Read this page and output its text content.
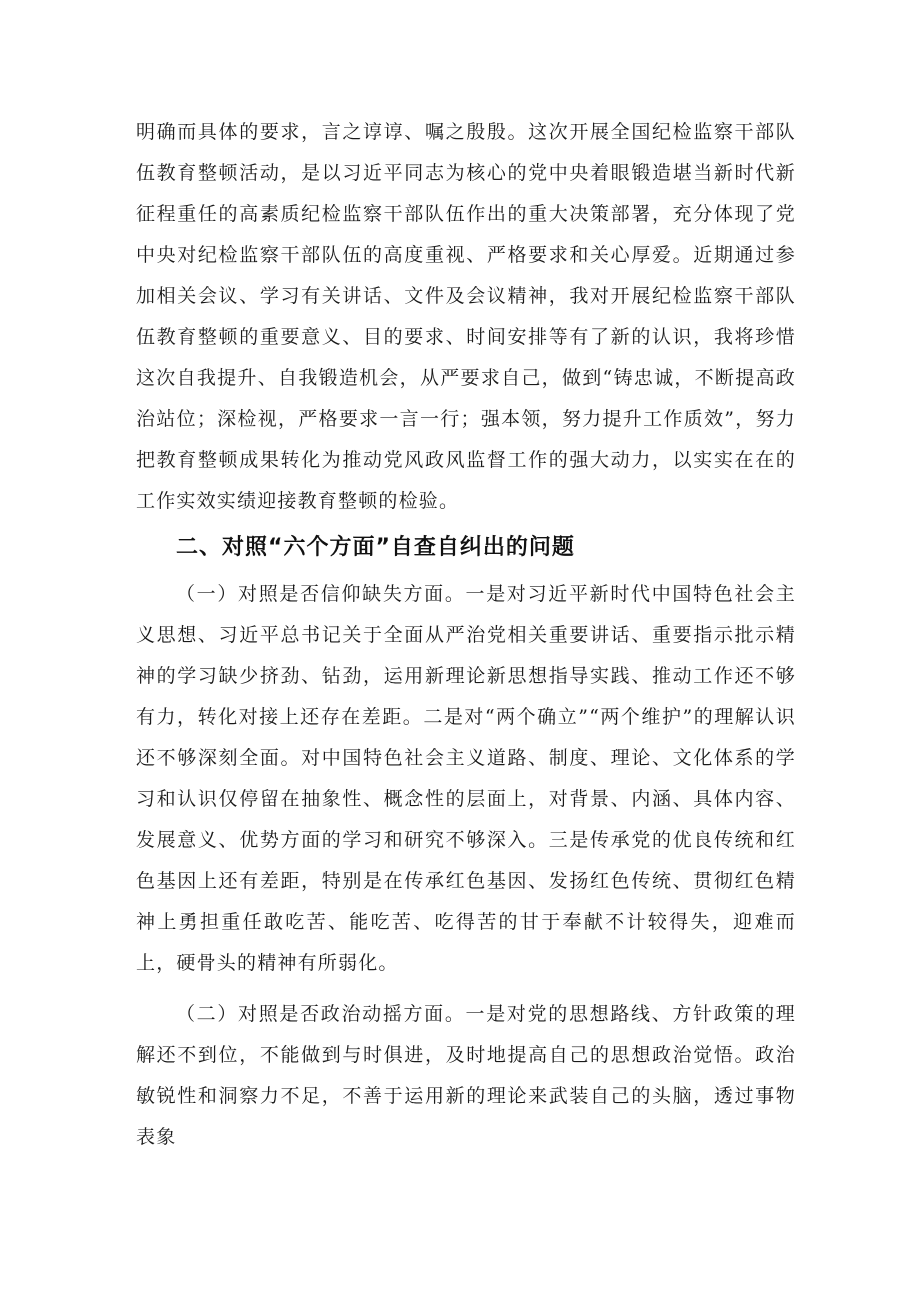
明确而具体的要求，言之谆谆、嘱之殷殷。这次开展全国纪检监察干部队伍教育整顿活动，是以习近平同志为核心的党中央着眼锻造堪当新时代新征程重任的高素质纪检监察干部队伍作出的重大决策部署，充分体现了党中央对纪检监察干部队伍的高度重视、严格要求和关心厚爱。近期通过参加相关会议、学习有关讲话、文件及会议精神，我对开展纪检监察干部队伍教育整顿的重要意义、目的要求、时间安排等有了新的认识，我将珍惜这次自我提升、自我锻造机会，从严要求自己，做到“铸忠诚，不断提高政治站位；深检视，严格要求一言一行；强本领，努力提升工作质效”，努力把教育整顿成果转化为推动党风政风监督工作的强大动力，以实实在在的工作实效实绩迎接教育整顿的检验。

二、对照“六个方面”自查自纠出的问题

（一）对照是否信仰缺失方面。一是对习近平新时代中国特色社会主义思想、习近平总书记关于全面从严治党相关重要讲话、重要指示批示精神的学习缺少挤劲、钻劲，运用新理论新思想指导实践、推动工作还不够有力，转化对接上还存在差距。二是对“两个确立”“两个维护”的理解认识还不够深刻全面。对中国特色社会主义道路、制度、理论、文化体系的学习和认识仅停留在抽象性、概念性的层面上，对背景、内涵、具体内容、发展意义、优势方面的学习和研究不够深入。三是传承党的优良传统和红色基因上还有差距，特别是在传承红色基因、发扬红色传统、贯彻红色精神上勇担重任敢吃苦、能吃苦、吃得苦的甘于奉献不计较得失，迎难而上，硬骨头的精神有所弱化。

（二）对照是否政治动摇方面。一是对党的思想路线、方针政策的理解还不到位，不能做到与时俱进，及时地提高自己的思想政治觉悟。政治敏锐性和洞察力不足，不善于运用新的理论来武装自己的头脑，透过事物表象
